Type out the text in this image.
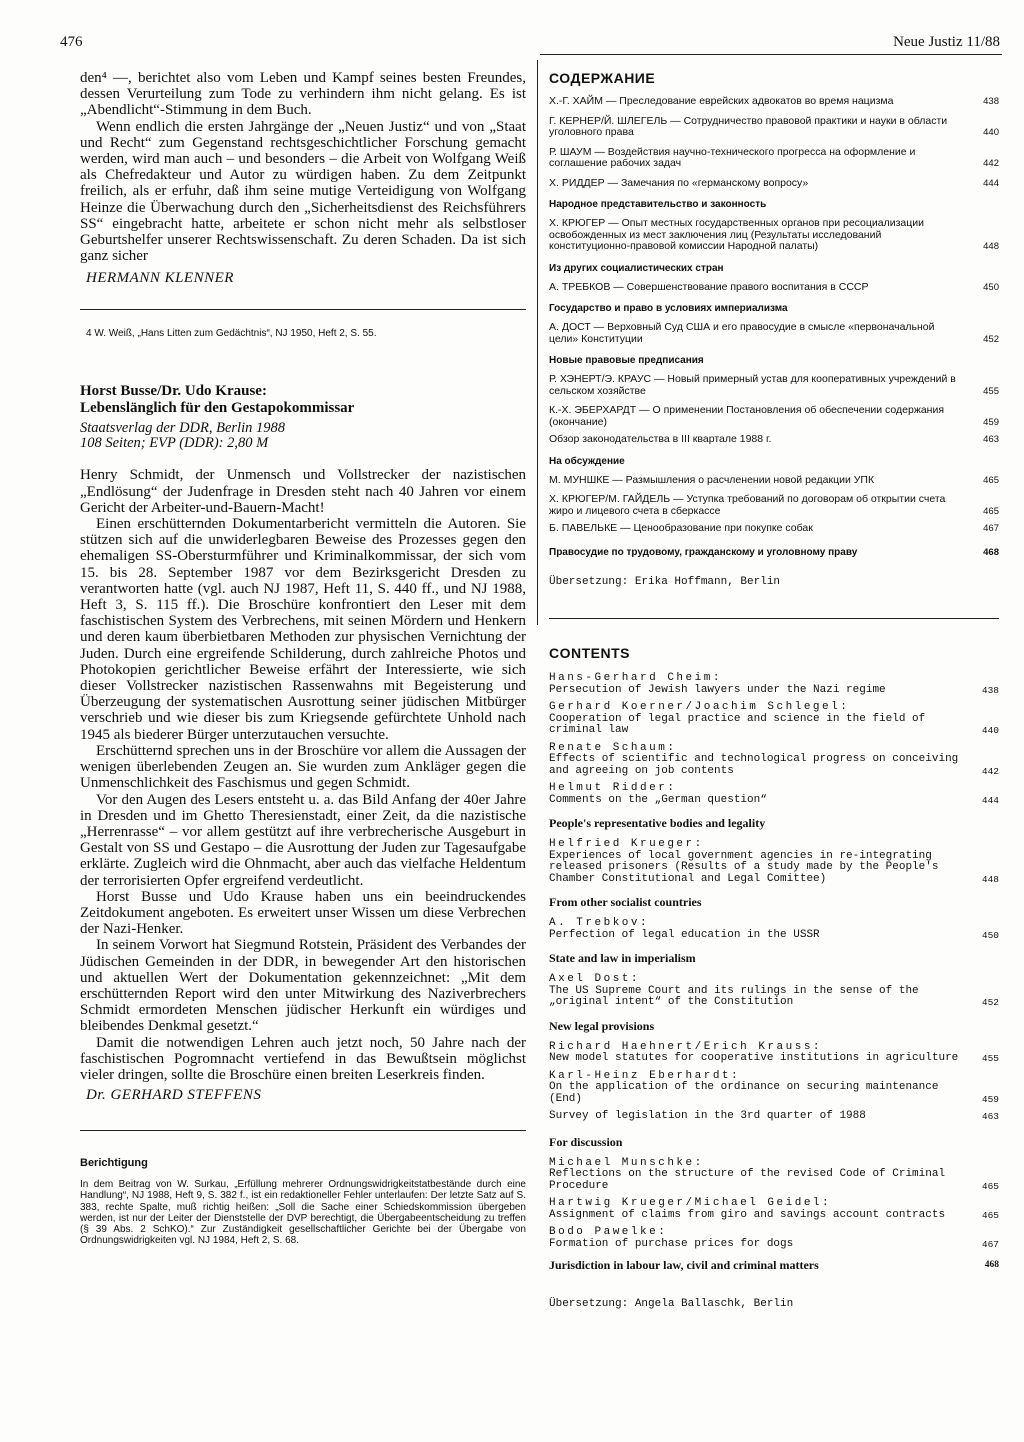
476	Neue Justiz 11/88

den⁴ —, berichtet also vom Leben und Kampf seines besten Freundes, dessen Verurteilung zum Tode zu verhindern ihm nicht gelang. Es ist „Abendlicht“-Stimmung in dem Buch.

Wenn endlich die ersten Jahrgänge der „Neuen Justiz“ und von „Staat und Recht“ zum Gegenstand rechtsgeschichtlicher Forschung gemacht werden, wird man auch – und besonders – die Arbeit von Wolfgang Weiß als Chefredakteur und Autor zu würdigen haben. Zu dem Zeitpunkt freilich, als er erfuhr, daß ihm seine mutige Verteidigung von Wolfgang Heinze die Überwachung durch den „Sicherheitsdienst des Reichsführers SS“ eingebracht hatte, arbeitete er schon nicht mehr als selbstloser Geburtshelfer unserer Rechtswissenschaft. Zu deren Schaden. Da ist sich ganz sicher

HERMANN KLENNER
4 W. Weiß, „Hans Litten zum Gedächtnis“, NJ 1950, Heft 2, S. 55.
Horst Busse/Dr. Udo Krause:
Lebenslänglich für den Gestapokommissar
Staatsverlag der DDR, Berlin 1988
108 Seiten; EVP (DDR): 2,80 M

Henry Schmidt, der Unmensch und Vollstrecker der nazistischen „Endlösung“ der Judenfrage in Dresden steht nach 40 Jahren vor einem Gericht der Arbeiter-und-Bauern-Macht!

Einen erschütternden Dokumentarbericht vermitteln die Autoren. Sie stützen sich auf die unwiderlegbaren Beweise des Prozesses gegen den ehemaligen SS-Obersturmführer und Kriminalkommissar, der sich vom 15. bis 28. September 1987 vor dem Bezirksgericht Dresden zu verantworten hatte (vgl. auch NJ 1987, Heft 11, S. 440 ff., und NJ 1988, Heft 3, S. 115 ff.). Die Broschüre konfrontiert den Leser mit dem faschistischen System des Verbrechens, mit seinen Mördern und Henkern und deren kaum überbietbaren Methoden zur physischen Vernichtung der Juden. Durch eine ergreifende Schilderung, durch zahlreiche Photos und Photokopien gerichtlicher Beweise erfährt der Interessierte, wie sich dieser Vollstrecker nazistischen Rassenwahns mit Begeisterung und Überzeugung der systematischen Ausrottung seiner jüdischen Mitbürger verschrieb und wie dieser bis zum Kriegsende gefürchtete Unhold nach 1945 als biederer Bürger unterzutauchen versuchte.

Erschütternd sprechen uns in der Broschüre vor allem die Aussagen der wenigen überlebenden Zeugen an. Sie wurden zum Ankläger gegen die Unmenschlichkeit des Faschismus und gegen Schmidt.

Vor den Augen des Lesers entsteht u. a. das Bild Anfang der 40er Jahre in Dresden und im Ghetto Theresienstadt, einer Zeit, da die nazistische „Herrenrasse“ – vor allem gestützt auf ihre verbrecherische Ausgeburt in Gestalt von SS und Gestapo – die Ausrottung der Juden zur Tagesaufgabe erklärte. Zugleich wird die Ohnmacht, aber auch das vielfache Heldentum der terrorisierten Opfer ergreifend verdeutlicht.

Horst Busse und Udo Krause haben uns ein beeindruckendes Zeitdokument angeboten. Es erweitert unser Wissen um diese Verbrechen der Nazi-Henker.

In seinem Vorwort hat Siegmund Rotstein, Präsident des Verbandes der Jüdischen Gemeinden in der DDR, in bewegender Art den historischen und aktuellen Wert der Dokumentation gekennzeichnet: „Mit dem erschütternden Report wird den unter Mitwirkung des Naziverbrechers Schmidt ermordeten Menschen jüdischer Herkunft ein würdiges und bleibendes Denkmal gesetzt.“

Damit die notwendigen Lehren auch jetzt noch, 50 Jahre nach der faschistischen Pogromnacht vertiefend in das Bewußtsein möglichst vieler dringen, sollte die Broschüre einen breiten Leserkreis finden.

Dr. GERHARD STEFFENS
Berichtigung
In dem Beitrag von W. Surkau, „Erfüllung mehrerer Ordnungswidrigkeitstatbestände durch eine Handlung“, NJ 1988, Heft 9, S. 382 f., ist ein redaktioneller Fehler unterlaufen: Der letzte Satz auf S. 383, rechte Spalte, muß richtig heißen: „Soll die Sache einer Schiedskommission übergeben werden, ist nur der Leiter der Dienststelle der DVP berechtigt, die Übergabeentscheidung zu treffen (§ 39 Abs. 2 SchKO).“ Zur Zuständigkeit gesellschaftlicher Gerichte bei der Übergabe von Ordnungswidrigkeiten vgl. NJ 1984, Heft 2, S. 68.
СОДЕРЖАНИЕ
Х.-Г. ХАЙМ — Преследование еврейских адвокатов во время нацизма	438
Г. КЕРНЕР/Й. ШЛЕГЕЛЬ — Сотрудничество правовой практики и науки в области уголовного права	440
Р. ШАУМ — Воздействия научно-технического прогресса на оформление и соглашение рабочих задач	442
Х. РИДДЕР — Замечания по «германскому вопросу»	444
Народное представительство и законность
Х. КРЮГЕР — Опыт местных государственных органов при ресоциализации освобожденных из мест заключения лиц (Результаты исследований конституционно-правовой комиссии Народной палаты)	448
Из других социалистических стран
А. ТРЕБКОВ — Совершенствование правого воспитания в СССР	450
Государство и право в условиях империализма
А. ДОСТ — Верховный Суд США и его правосудие в смысле «первоначальной цели» Конституции	452
Новые правовые предписания
Р. ХЭНЕРТ/Э. КРАУС — Новый примерный устав для кооперативных учреждений в сельском хозяйстве	455
К.-Х. ЭБЕРХАРДТ — О применении Постановления об обеспечении содержания (окончание)	459
Обзор законодательства в III квартале 1988 г.	463
На обсуждение
М. МУНШКЕ — Размышления о расчленении новой редакции УПК	465
Х. КРЮГЕР/М. ГАЙДЕЛЬ — Уступка требований по договорам об открытии счета жиро и лицевого счета в сберкассе	465
Б. ПАВЕЛЬКЕ — Ценообразование при покупке собак	467
Правосудие по трудовому, гражданскому и уголовному праву	468
Übersetzung: Erika Hoffmann, Berlin
CONTENTS
Hans-Gerhard Cheim:
Persecution of Jewish lawyers under the Nazi regime	438
Gerhard Koerner/Joachim Schlegel:
Cooperation of legal practice and science in the field of criminal law	440
Renate Schaum:
Effects of scientific and technological progress on conceiving and agreeing on job contents	442
Helmut Ridder:
Comments on the „German question“	444
People's representative bodies and legality
Helfried Krueger:
Experiences of local government agencies in re-integrating released prisoners (Results of a study made by the People's Chamber Constitutional and Legal Comittee)	448
From other socialist countries
A. Trebkov:
Perfection of legal education in the USSR	450
State and law in imperialism
Axel Dost:
The US Supreme Court and its rulings in the sense of the „original intent“ of the Constitution	452
New legal provisions
Richard Haehnert/Erich Krauss:
New model statutes for cooperative institutions in agriculture	455
Karl-Heinz Eberhardt:
On the application of the ordinance on securing maintenance (End)	459
Survey of legislation in the 3rd quarter of 1988	463
For discussion
Michael Munschke:
Reflections on the structure of the revised Code of Criminal Procedure	465
Hartwig Krueger/Michael Geidel:
Assignment of claims from giro and savings account contracts	465
Bodo Pawelke:
Formation of purchase prices for dogs	467
Jurisdiction in labour law, civil and criminal matters	468
Übersetzung: Angela Ballaschk, Berlin
